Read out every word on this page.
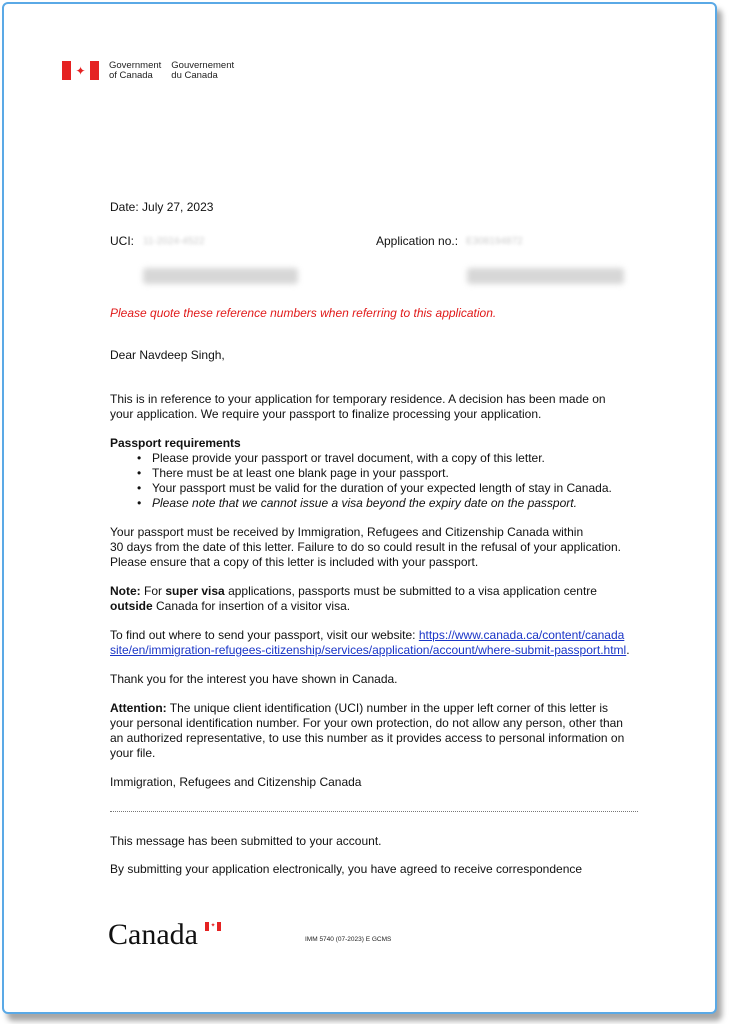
✦	Government
of Canada
Gouvernement
du Canada
Date: July 27, 2023
UCI: 11-2024-4522	Application no.: E308194872
Please quote these reference numbers when referring to this application.
Dear Navdeep Singh,

This is in reference to your application for temporary residence. A decision has been made on

your application. We require your passport to finalize processing your application.

Passport requirements

• Please provide your passport or travel document, with a copy of this letter.
• There must be at least one blank page in your passport.
• Your passport must be valid for the duration of your expected length of stay in Canada.
• Please note that we cannot issue a visa beyond the expiry date on the passport.

Your passport must be received by Immigration, Refugees and Citizenship Canada within

30 days from the date of this letter. Failure to do so could result in the refusal of your application.

Please ensure that a copy of this letter is included with your passport.

Note: For super visa applications, passports must be submitted to a visa application centre

outside Canada for insertion of a visitor visa.

To find out where to send your passport, visit our website: https://www.canada.ca/content/canada

site/en/immigration-refugees-citizenship/services/application/account/where-submit-passport.html.

Thank you for the interest you have shown in Canada.

Attention: The unique client identification (UCI) number in the upper left corner of this letter is

your personal identification number. For your own protection, do not allow any person, other than

an authorized representative, to use this number as it provides access to personal information on

your file.

Immigration, Refugees and Citizenship Canada
This message has been submitted to your account.
By submitting your application electronically, you have agreed to receive correspondence
Canada ✦
IMM 5740 (07-2023) E GCMS
